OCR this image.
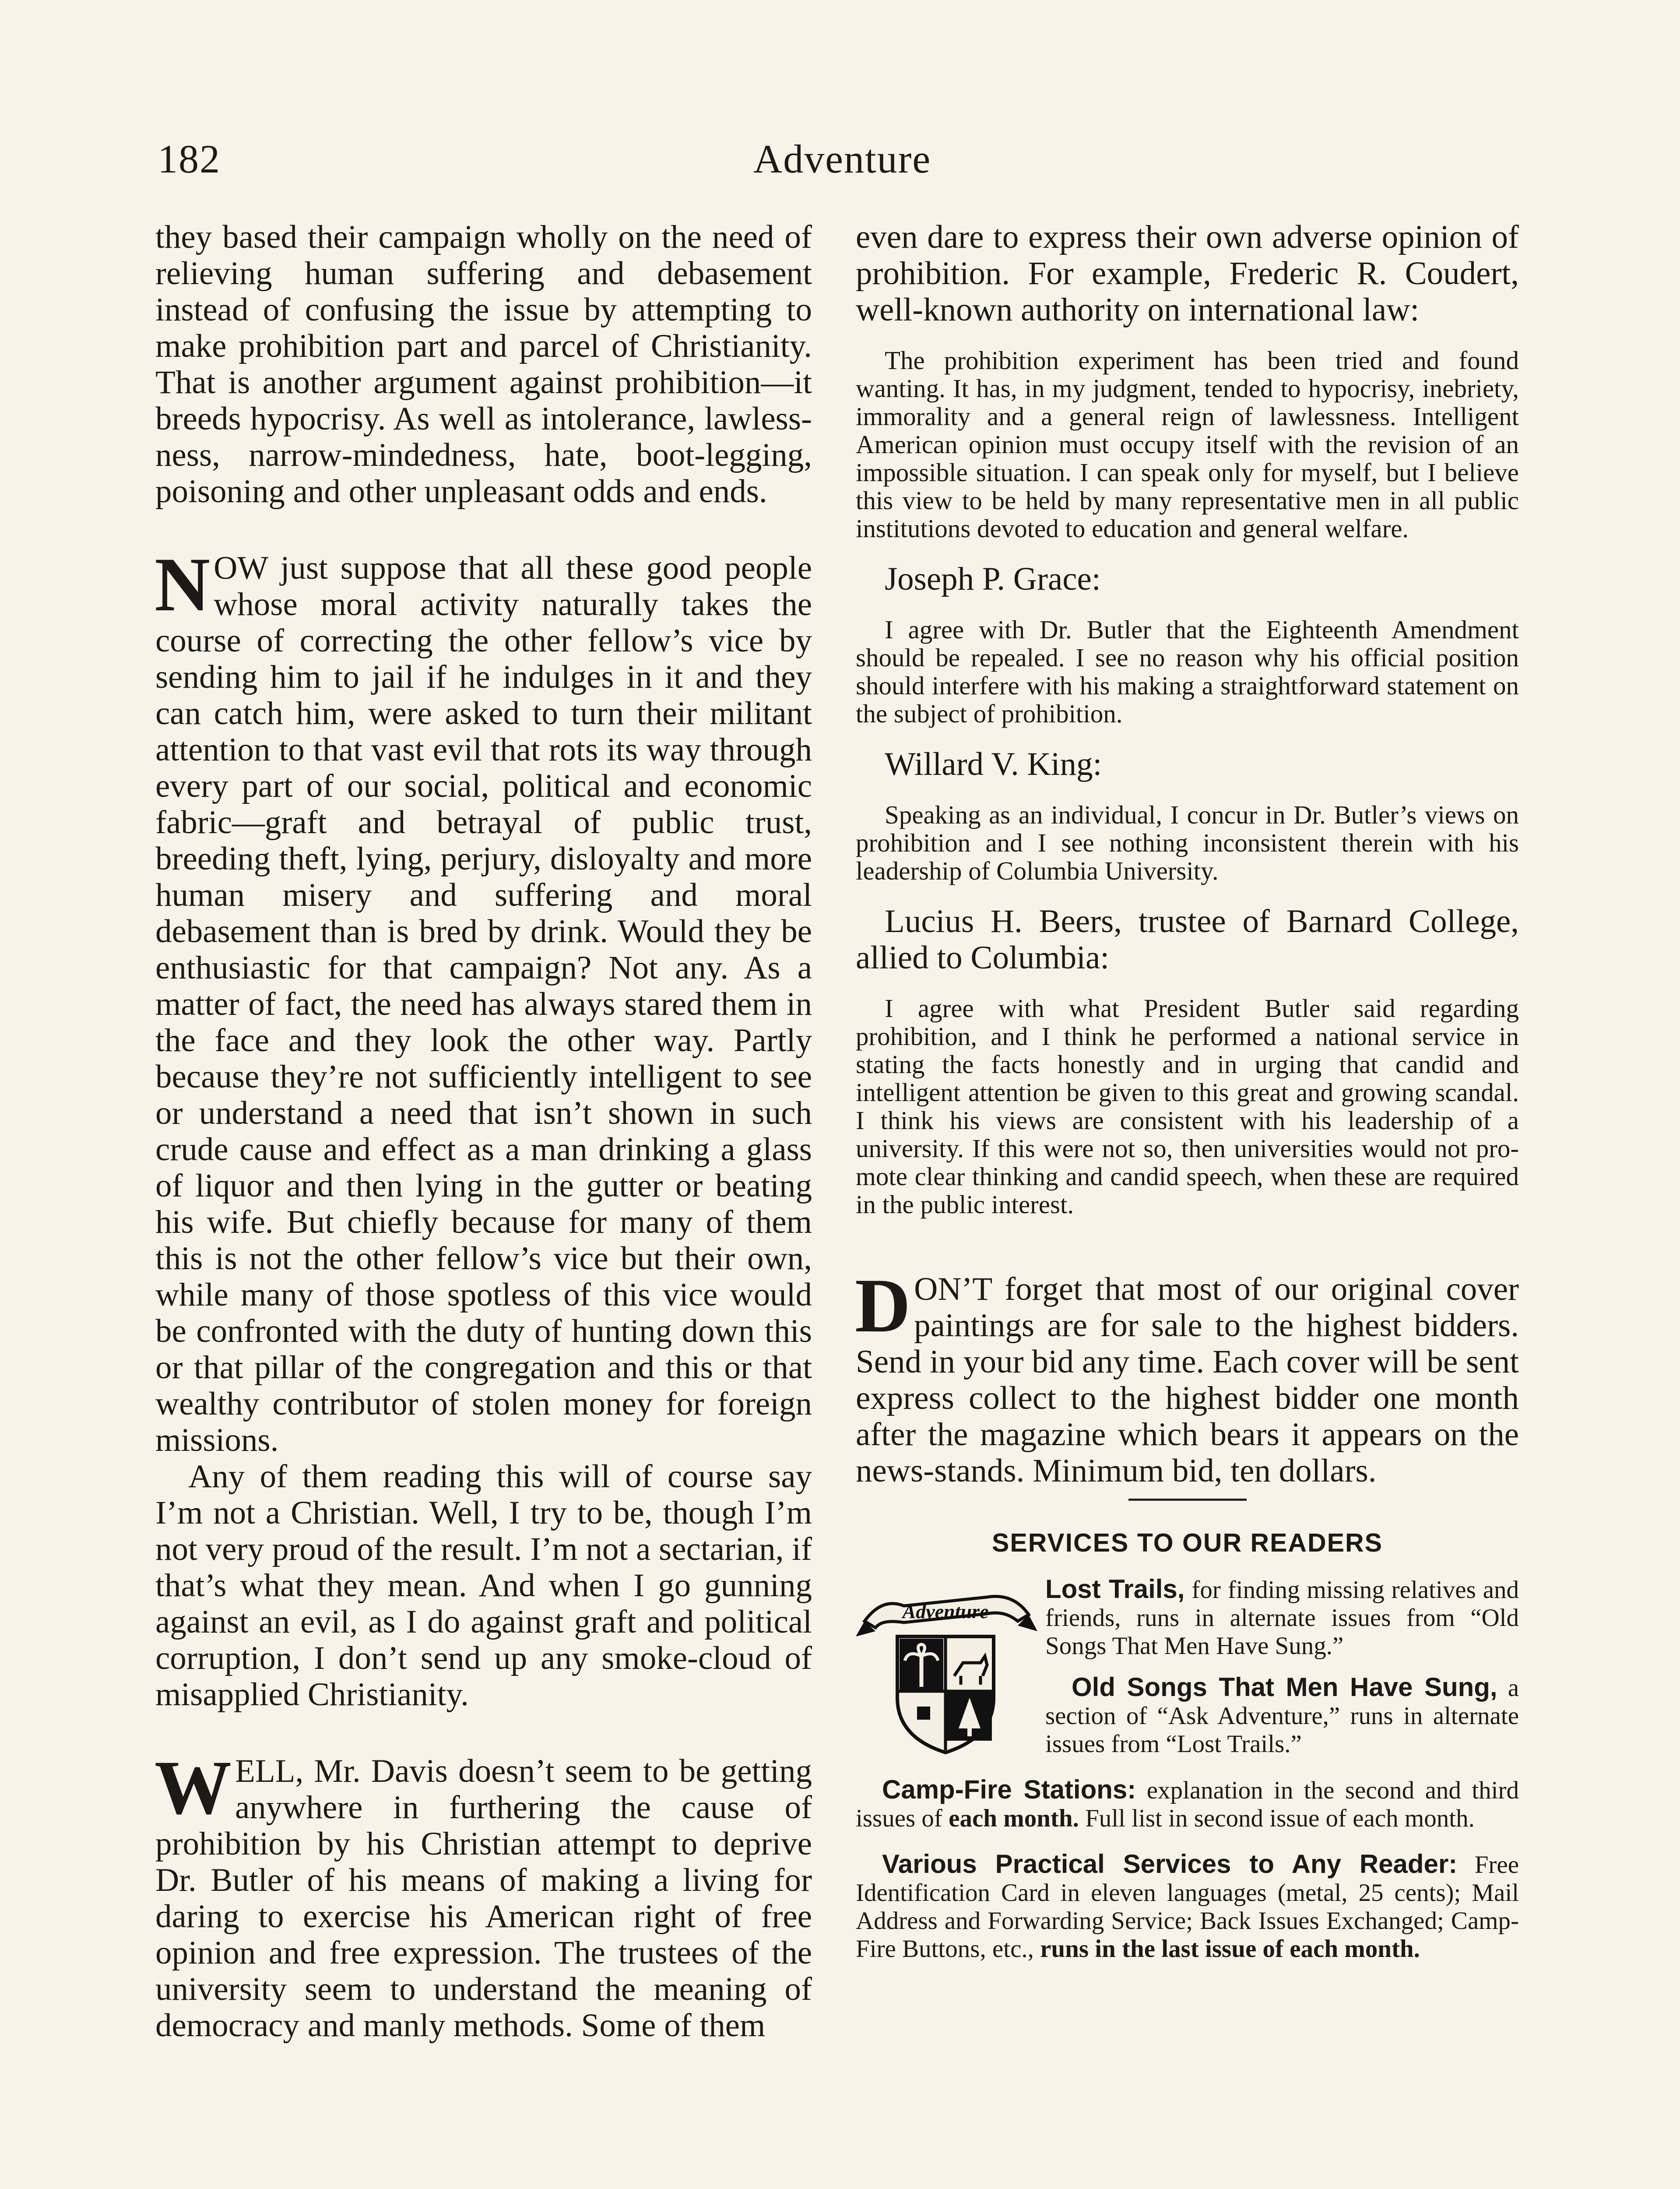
182	Adventure

they based their campaign wholly on the need of relieving human suffering and debasement instead of confusing the issue by attempting to make prohibition part and parcel of Christianity. That is another argument against prohibition—it breeds hypocrisy. As well as intolerance, lawlessness, narrow-mindedness, hate, boot-legging, poisoning and other unpleasant odds and ends.

NOW just suppose that all these good people whose moral activity naturally takes the course of correcting the other fellow’s vice by sending him to jail if he indulges in it and they can catch him, were asked to turn their militant attention to that vast evil that rots its way through every part of our social, political and economic fabric—graft and betrayal of public trust, breeding theft, lying, perjury, disloyalty and more human misery and suffering and moral debasement than is bred by drink. Would they be enthusiastic for that campaign? Not any. As a matter of fact, the need has always stared them in the face and they look the other way. Partly because they’re not sufficiently intelligent to see or understand a need that isn’t shown in such crude cause and effect as a man drinking a glass of liquor and then lying in the gutter or beating his wife. But chiefly because for many of them this is not the other fellow’s vice but their own, while many of those spotless of this vice would be confronted with the duty of hunting down this or that pillar of the congregation and this or that wealthy contributor of stolen money for foreign missions.

Any of them reading this will of course say I’m not a Christian. Well, I try to be, though I’m not very proud of the result. I’m not a sectarian, if that’s what they mean. And when I go gunning against an evil, as I do against graft and political corruption, I don’t send up any smoke-cloud of misapplied Christianity.

WELL, Mr. Davis doesn’t seem to be getting anywhere in furthering the cause of prohibition by his Christian attempt to deprive Dr. Butler of his means of making a living for daring to exercise his American right of free opinion and free expression. The trustees of the university seem to understand the meaning of democracy and manly methods. Some of them

even dare to express their own adverse opinion of prohibition. For example, Frederic R. Coudert, well-known authority on international law:

The prohibition experiment has been tried and found wanting. It has, in my judgment, tended to hypocrisy, inebriety, immorality and a general reign of lawlessness. Intelligent American opinion must occupy itself with the revision of an impossible situation. I can speak only for myself, but I believe this view to be held by many representative men in all public institutions devoted to education and general welfare.

Joseph P. Grace:

I agree with Dr. Butler that the Eighteenth Amendment should be repealed. I see no reason why his official position should interfere with his making a straightforward statement on the subject of prohibition.

Willard V. King:

Speaking as an individual, I concur in Dr. Butler’s views on prohibition and I see nothing inconsistent therein with his leadership of Columbia University.

Lucius H. Beers, trustee of Barnard College, allied to Columbia:

I agree with what President Butler said regarding prohibition, and I think he performed a national service in stating the facts honestly and in urging that candid and intelligent attention be given to this great and growing scandal. I think his views are consistent with his leadership of a university. If this were not so, then universities would not promote clear thinking and candid speech, when these are required in the public interest.

DON’T forget that most of our original cover paintings are for sale to the highest bidders. Send in your bid any time. Each cover will be sent express collect to the highest bidder one month after the magazine which bears it appears on the news-stands. Minimum bid, ten dollars.

SERVICES TO OUR READERS
Adventure

Lost Trails, for finding missing relatives and friends, runs in alternate issues from “Old Songs That Men Have Sung.”

Old Songs That Men Have Sung, a section of “Ask Adventure,” runs in alternate issues from “Lost Trails.”

Camp-Fire Stations: explanation in the second and third issues of each month. Full list in second issue of each month.

Various Practical Services to Any Reader: Free Identification Card in eleven languages (metal, 25 cents); Mail Address and Forwarding Service; Back Issues Exchanged; Camp-Fire Buttons, etc., runs in the last issue of each month.
